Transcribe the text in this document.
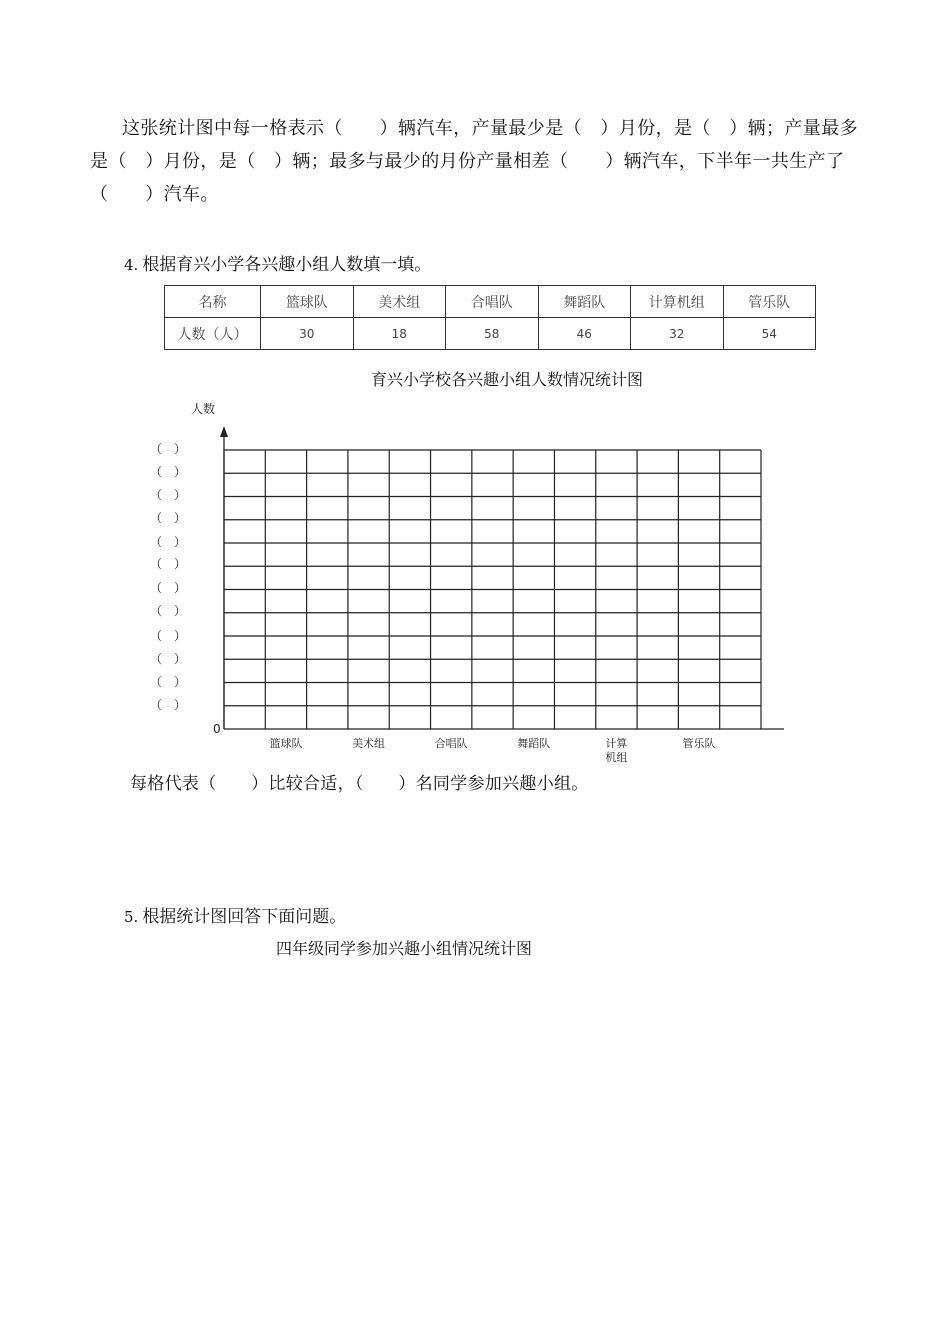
这张统计图中每一格表示（　　）辆汽车，产量最少是（　）月份，是（　）辆；产量最多是（　）月份，是（　）辆；最多与最少的月份产量相差（　　）辆汽车，下半年一共生产了（　　）汽车。
4. 根据育兴小学各兴趣小组人数填一填。
名称	篮球队	美术组	合唱队	舞蹈队	计算机组	管乐队
人数（人）	30	18	58	46	32	54
育兴小学校各兴趣小组人数情况统计图
人数
0
篮球队	美术组	合唱队	舞蹈队	计算
机组
管乐队
（　）
（　）
（　）
（　）
（　）
（　）
（　）
（　）
（　）
（　）
（　）
（　）
每格代表（　　）比较合适，（　　）名同学参加兴趣小组。
5. 根据统计图回答下面问题。
四年级同学参加兴趣小组情况统计图
